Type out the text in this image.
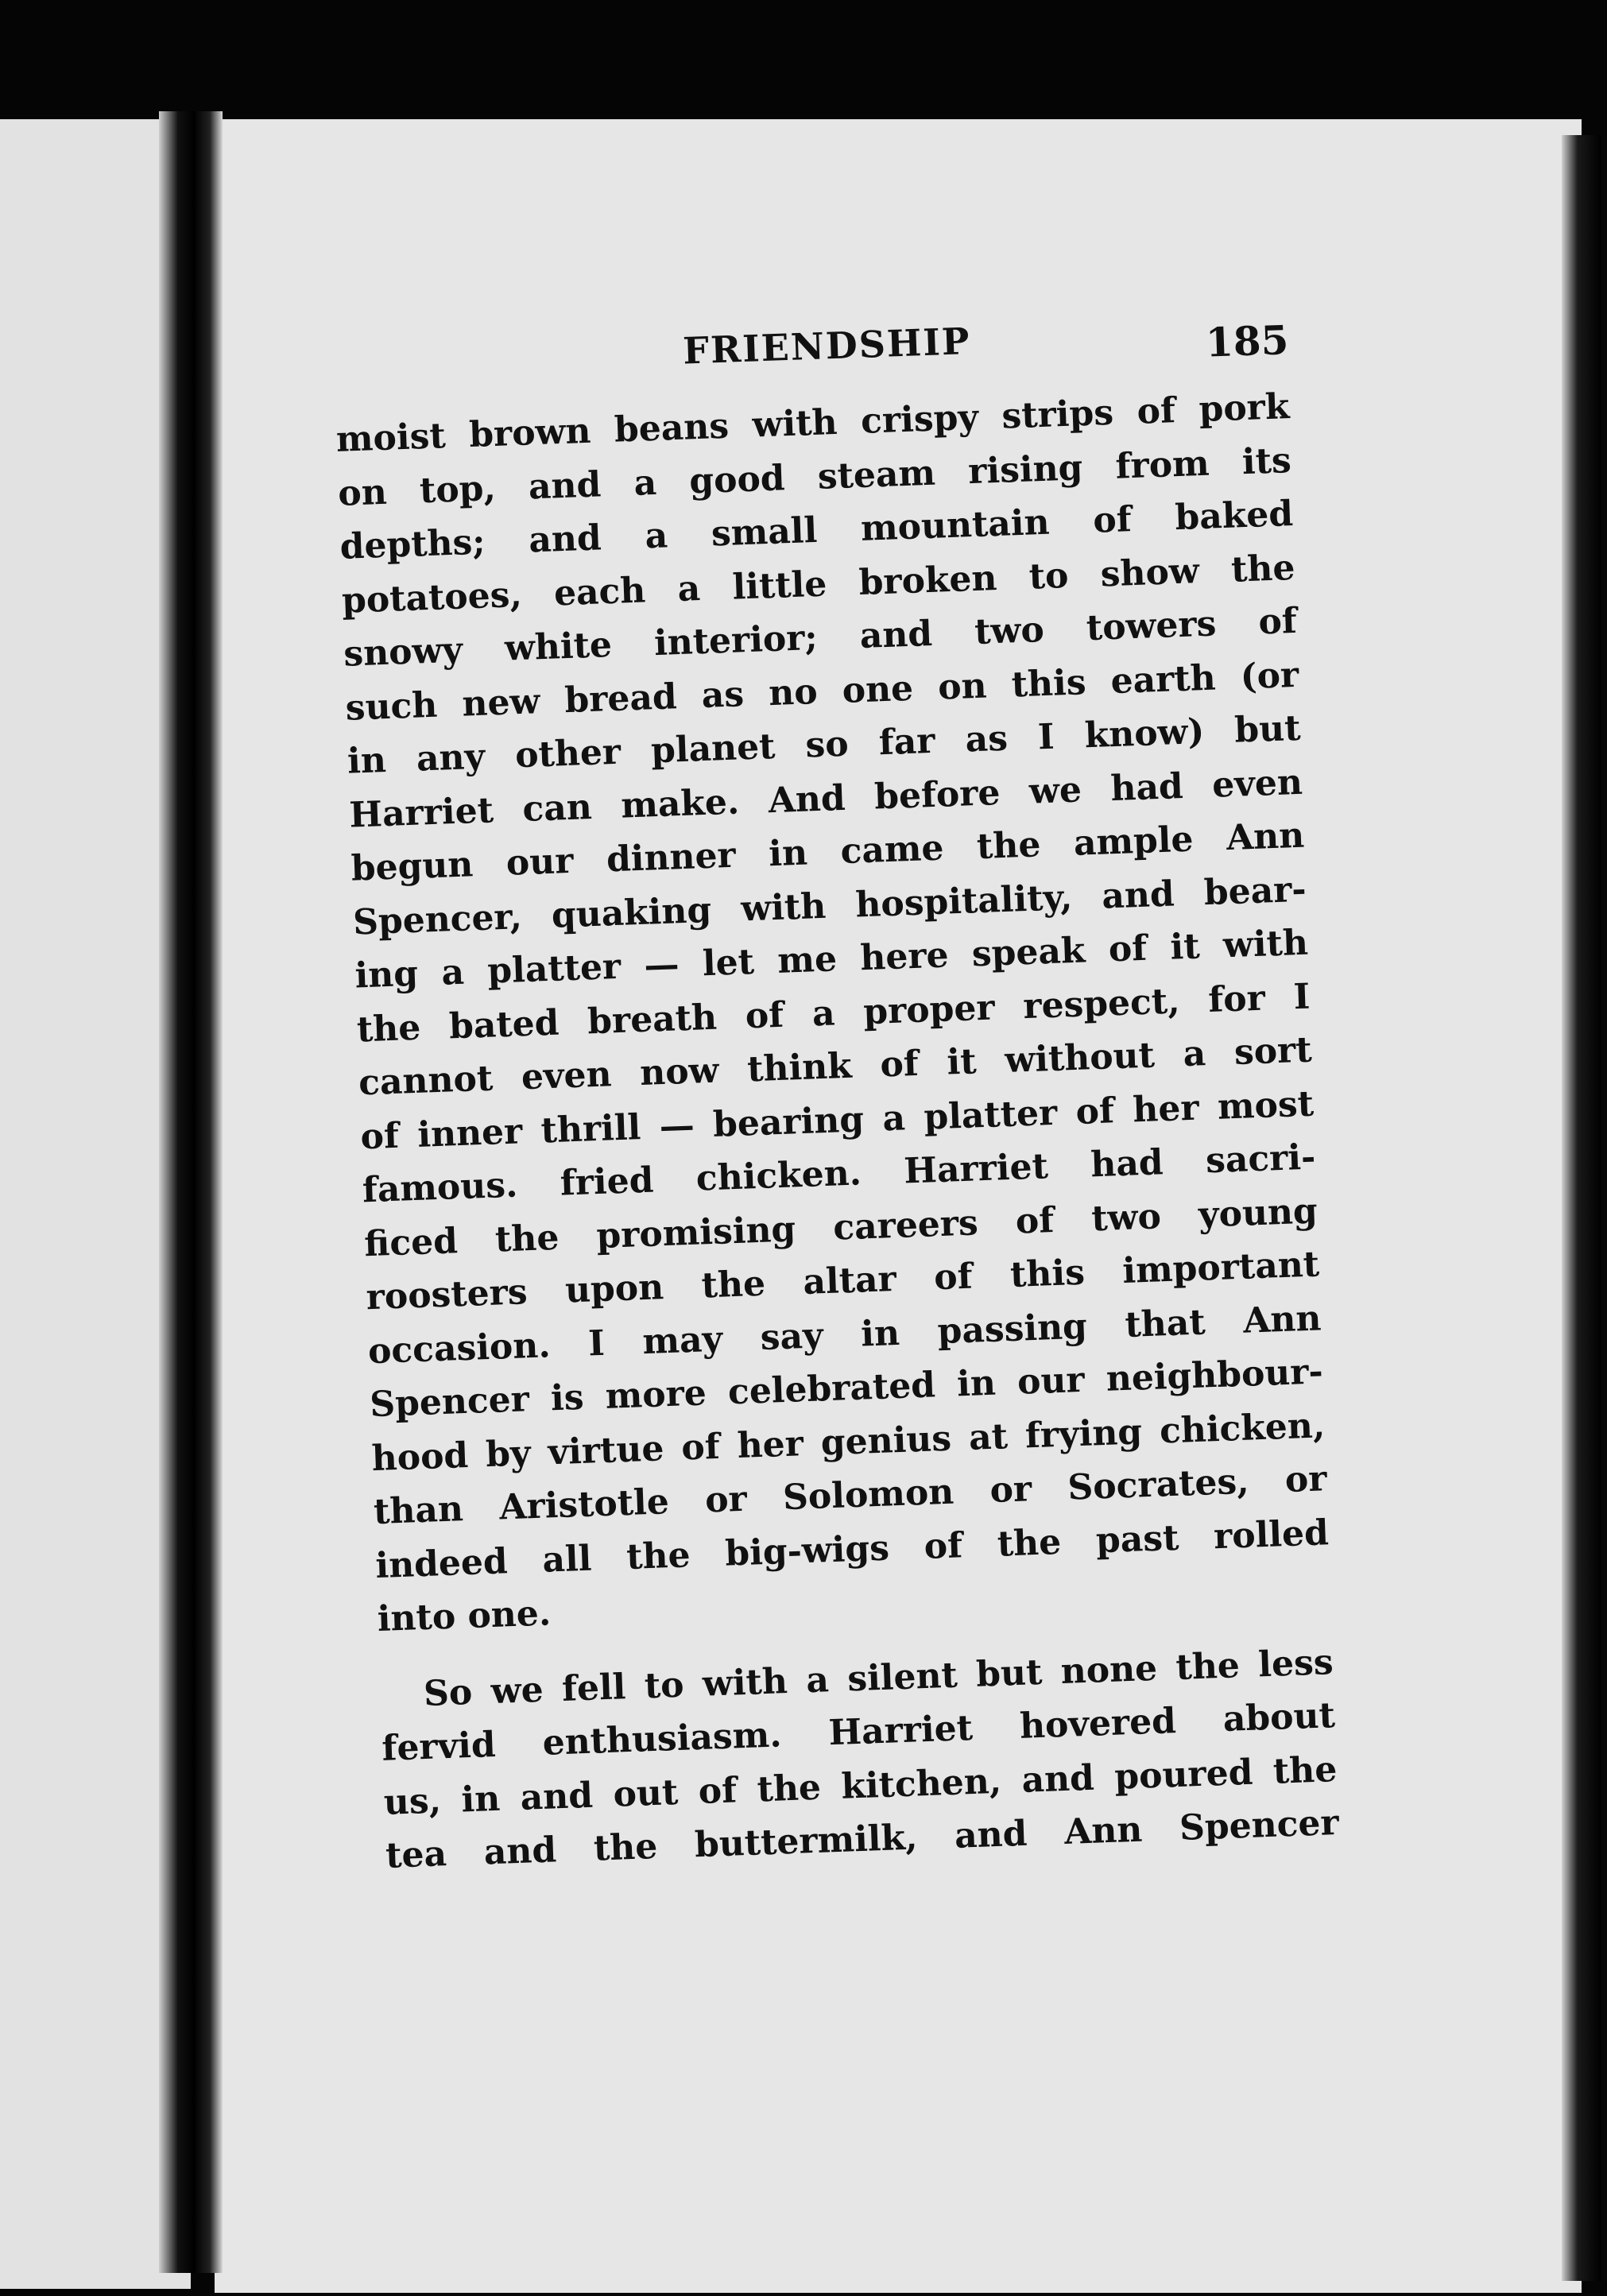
FRIENDSHIP	185
moist brown beans with crispy strips of pork
on top, and a good steam rising from its
depths; and a small mountain of baked
potatoes, each a little broken to show the
snowy white interior; and two towers of
such new bread as no one on this earth (or
in any other planet so far as I know) but
Harriet can make. And before we had even
begun our dinner in came the ample Ann
Spencer, quaking with hospitality, and bear-
ing a platter — let me here speak of it with
the bated breath of a proper respect, for I
cannot even now think of it without a sort
of inner thrill — bearing a platter of her most
famous. fried chicken. Harriet had sacri-
ficed the promising careers of two young
roosters upon the altar of this important
occasion. I may say in passing that Ann
Spencer is more celebrated in our neighbour-
hood by virtue of her genius at frying chicken,
than Aristotle or Solomon or Socrates, or
indeed all the big-wigs of the past rolled
into one.
So we fell to with a silent but none the less
fervid enthusiasm. Harriet hovered about
us, in and out of the kitchen, and poured the
tea and the buttermilk, and Ann Spencer
